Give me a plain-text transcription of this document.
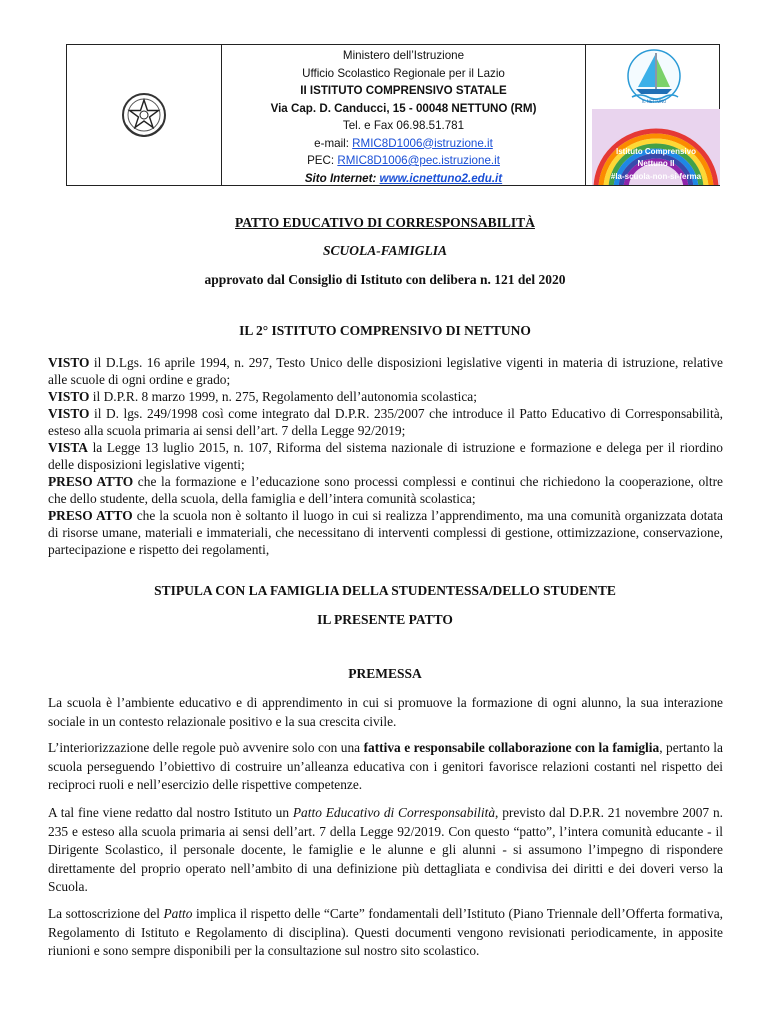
Ministero dell’Istruzione
Ufficio Scolastico Regionale per il Lazio
II ISTITUTO COMPRENSIVO STATALE
Via Cap. D. Canducci, 15 - 00048 NETTUNO (RM)
Tel. e Fax 06.98.51.781
e-mail: RMIC8D1006@istruzione.it
PEC: RMIC8D1006@pec.istruzione.it
Sito Internet: www.icnettuno2.edu.it
IC NETTUNO
Istituto Comprensivo
Nettuno II
#la-scuola-non-si-ferma
PATTO EDUCATIVO DI CORRESPONSABILITÀ
SCUOLA-FAMIGLIA
approvato dal Consiglio di Istituto con delibera n. 121 del 2020
IL 2° ISTITUTO COMPRENSIVO DI NETTUNO
VISTO il D.Lgs. 16 aprile 1994, n. 297, Testo Unico delle disposizioni legislative vigenti in materia di istruzione, relative alle scuole di ogni ordine e grado;
VISTO il D.P.R. 8 marzo 1999, n. 275, Regolamento dell’autonomia scolastica;
VISTO il D. lgs. 249/1998 così come integrato dal D.P.R. 235/2007 che introduce il Patto Educativo di Corresponsabilità, esteso alla scuola primaria ai sensi dell’art. 7 della Legge 92/2019;
VISTA la Legge 13 luglio 2015, n. 107, Riforma del sistema nazionale di istruzione e formazione e delega per il riordino delle disposizioni legislative vigenti;
PRESO ATTO che la formazione e l’educazione sono processi complessi e continui che richiedono la cooperazione, oltre che dello studente, della scuola, della famiglia e dell’intera comunità scolastica;
PRESO ATTO che la scuola non è soltanto il luogo in cui si realizza l’apprendimento, ma una comunità organizzata dotata di risorse umane, materiali e immateriali, che necessitano di interventi complessi di gestione, ottimizzazione, conservazione, partecipazione e rispetto dei regolamenti,
STIPULA CON LA FAMIGLIA DELLA STUDENTESSA/DELLO STUDENTE
IL PRESENTE PATTO
PREMESSA
La scuola è l’ambiente educativo e di apprendimento in cui si promuove la formazione di ogni alunno, la sua interazione sociale in un contesto relazionale positivo e la sua crescita civile.
L’interiorizzazione delle regole può avvenire solo con una fattiva e responsabile collaborazione con la famiglia, pertanto la scuola perseguendo l’obiettivo di costruire un’alleanza educativa con i genitori favorisce relazioni costanti nel rispetto dei reciproci ruoli e nell’esercizio delle rispettive competenze.
A tal fine viene redatto dal nostro Istituto un Patto Educativo di Corresponsabilità, previsto dal D.P.R. 21 novembre 2007 n. 235 e esteso alla scuola primaria ai sensi dell’art. 7 della Legge 92/2019. Con questo “patto”, l’intera comunità educante - il Dirigente Scolastico, il personale docente, le famiglie e le alunne e gli alunni - si assumono l’impegno di rispondere direttamente del proprio operato nell’ambito di una definizione più dettagliata e condivisa dei diritti e dei doveri verso la Scuola.
La sottoscrizione del Patto implica il rispetto delle “Carte” fondamentali dell’Istituto (Piano Triennale dell’Offerta formativa, Regolamento di Istituto e Regolamento di disciplina). Questi documenti vengono revisionati periodicamente, in apposite riunioni e sono sempre disponibili per la consultazione sul nostro sito scolastico.
